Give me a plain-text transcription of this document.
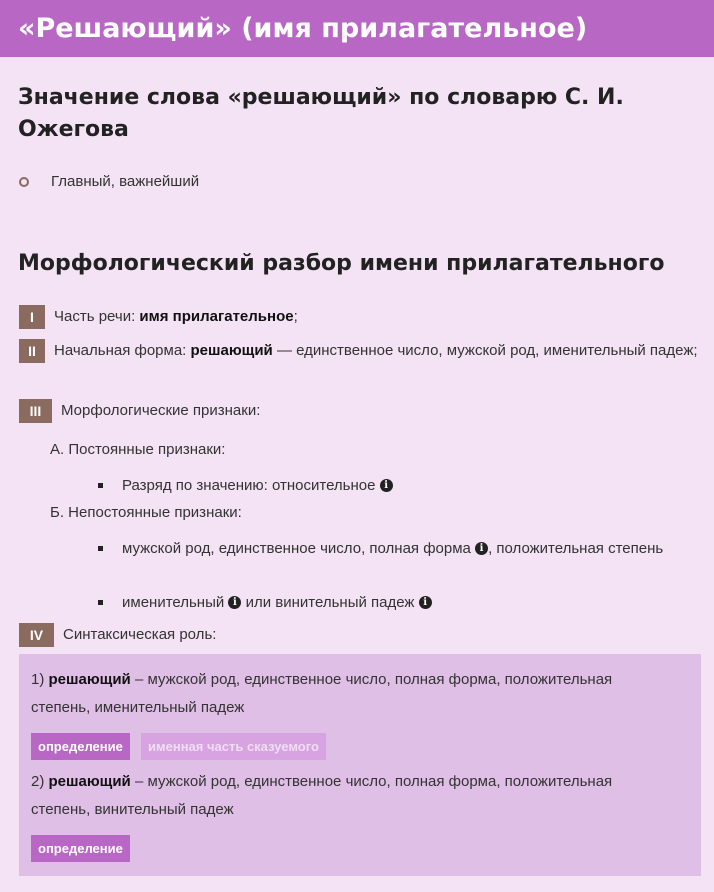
«Решающий» (имя прилагательное)
Значение слова «решающий» по словарю С. И. Ожегова
Главный, важнейший
Морфологический разбор имени прилагательного
I Часть речи: имя прилагательное;
II Начальная форма: решающий — единственное число, мужской род, именительный падеж;
III Морфологические признаки:
А. Постоянные признаки:
Разряд по значению: относительное i
Б. Непостоянные признаки:
мужской род, единственное число, полная форма i , положительная степень
именительный i или винительный падеж i
IV Синтаксическая роль:
1) решающий – мужской род, единственное число, полная форма, положительная степень, именительный падеж
определение	именная часть сказуемого
2) решающий – мужской род, единственное число, полная форма, положительная степень, винительный падеж
определение
